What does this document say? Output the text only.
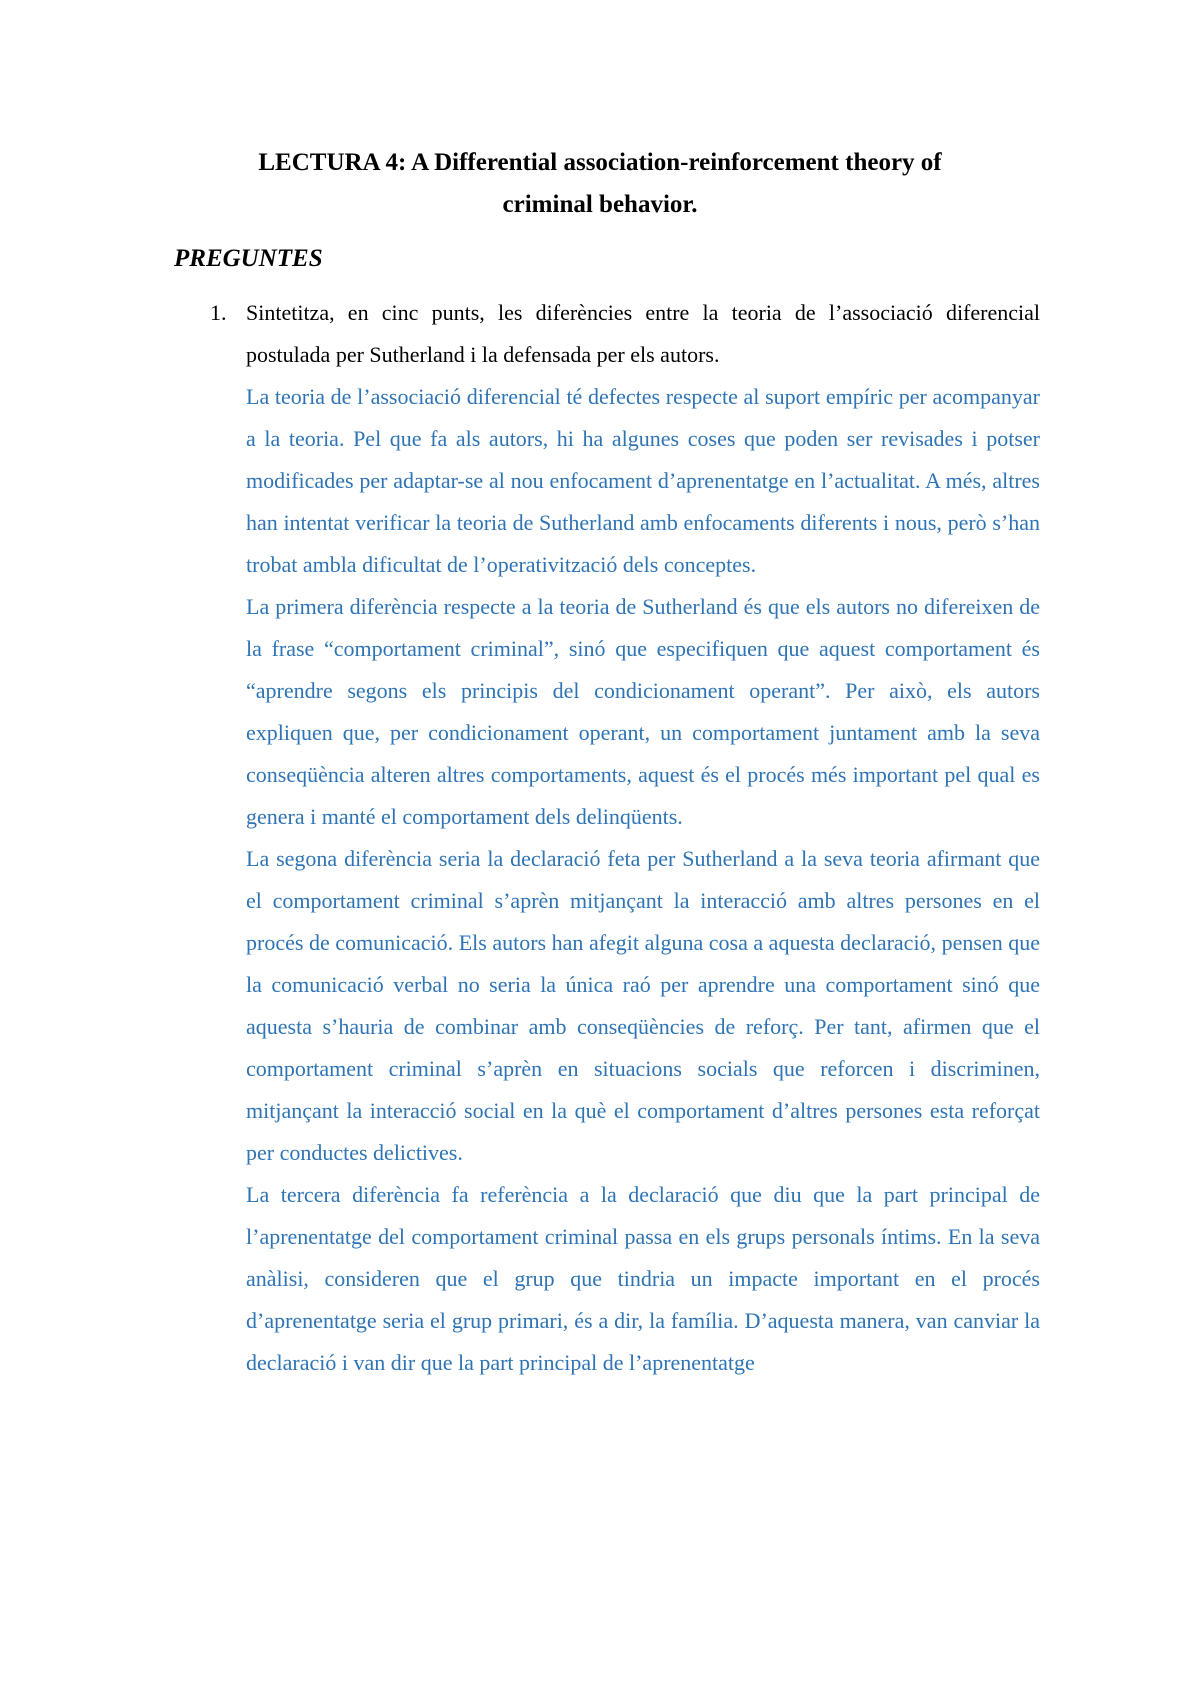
LECTURA 4: A Differential association-reinforcement theory of
criminal behavior.
PREGUNTES
1. Sintetitza, en cinc punts, les diferències entre la teoria de l’associació diferencial postulada per Sutherland i la defensada per els autors.

La teoria de l’associació diferencial té defectes respecte al suport empíric per acompanyar a la teoria. Pel que fa als autors, hi ha algunes coses que poden ser revisades i potser modificades per adaptar-se al nou enfocament d’aprenentatge en l’actualitat. A més, altres han intentat verificar la teoria de Sutherland amb enfocaments diferents i nous, però s’han trobat ambla dificultat de l’operativització dels conceptes.

La primera diferència respecte a la teoria de Sutherland és que els autors no difereixen de la frase “comportament criminal”, sinó que especifiquen que aquest comportament és “aprendre segons els principis del condicionament operant”. Per això, els autors expliquen que, per condicionament operant, un comportament juntament amb la seva conseqüència alteren altres comportaments, aquest és el procés més important pel qual es genera i manté el comportament dels delinqüents.

La segona diferència seria la declaració feta per Sutherland a la seva teoria afirmant que el comportament criminal s’aprèn mitjançant la interacció amb altres persones en el procés de comunicació. Els autors han afegit alguna cosa a aquesta declaració, pensen que la comunicació verbal no seria la única raó per aprendre una comportament sinó que aquesta s’hauria de combinar amb conseqüències de reforç. Per tant, afirmen que el comportament criminal s’aprèn en situacions socials que reforcen i discriminen, mitjançant la interacció social en la què el comportament d’altres persones esta reforçat per conductes delictives.

La tercera diferència fa referència a la declaració que diu que la part principal de l’aprenentatge del comportament criminal passa en els grups personals íntims. En la seva anàlisi, consideren que el grup que tindria un impacte important en el procés d’aprenentatge seria el grup primari, és a dir, la família. D’aquesta manera, van canviar la declaració i van dir que la part principal de l’aprenentatge
